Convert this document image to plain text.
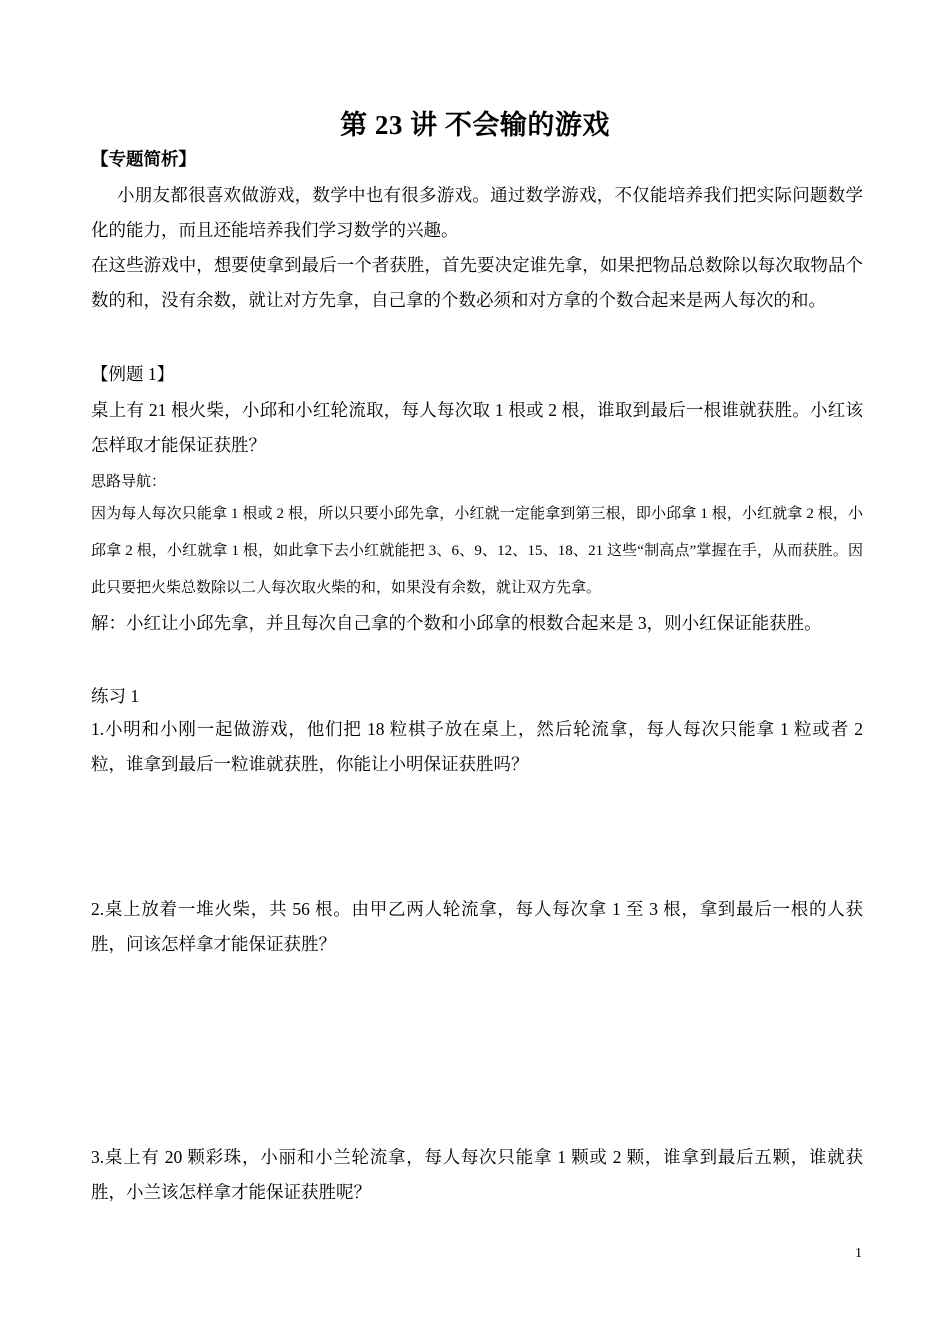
第 23 讲 不会输的游戏
【专题简析】
小朋友都很喜欢做游戏，数学中也有很多游戏。通过数学游戏，不仅能培养我们把实际问题数学化的能力，而且还能培养我们学习数学的兴趣。
在这些游戏中，想要使拿到最后一个者获胜，首先要决定谁先拿，如果把物品总数除以每次取物品个数的和，没有余数，就让对方先拿，自己拿的个数必须和对方拿的个数合起来是两人每次的和。
【例题 1】
桌上有 21 根火柴，小邱和小红轮流取，每人每次取 1 根或 2 根，谁取到最后一根谁就获胜。小红该怎样取才能保证获胜？
思路导航：
因为每人每次只能拿 1 根或 2 根，所以只要小邱先拿，小红就一定能拿到第三根，即小邱拿 1 根，小红就拿 2 根，小邱拿 2 根，小红就拿 1 根，如此拿下去小红就能把 3、6、9、12、15、18、21 这些“制高点”掌握在手，从而获胜。因此只要把火柴总数除以二人每次取火柴的和，如果没有余数，就让双方先拿。
解：小红让小邱先拿，并且每次自己拿的个数和小邱拿的根数合起来是 3，则小红保证能获胜。
练习 1
1.小明和小刚一起做游戏，他们把 18 粒棋子放在桌上，然后轮流拿，每人每次只能拿 1 粒或者 2 粒，谁拿到最后一粒谁就获胜，你能让小明保证获胜吗？
2.桌上放着一堆火柴，共 56 根。由甲乙两人轮流拿，每人每次拿 1 至 3 根，拿到最后一根的人获胜，问该怎样拿才能保证获胜？
3.桌上有 20 颗彩珠，小丽和小兰轮流拿，每人每次只能拿 1 颗或 2 颗，谁拿到最后五颗，谁就获胜，小兰该怎样拿才能保证获胜呢？
1
